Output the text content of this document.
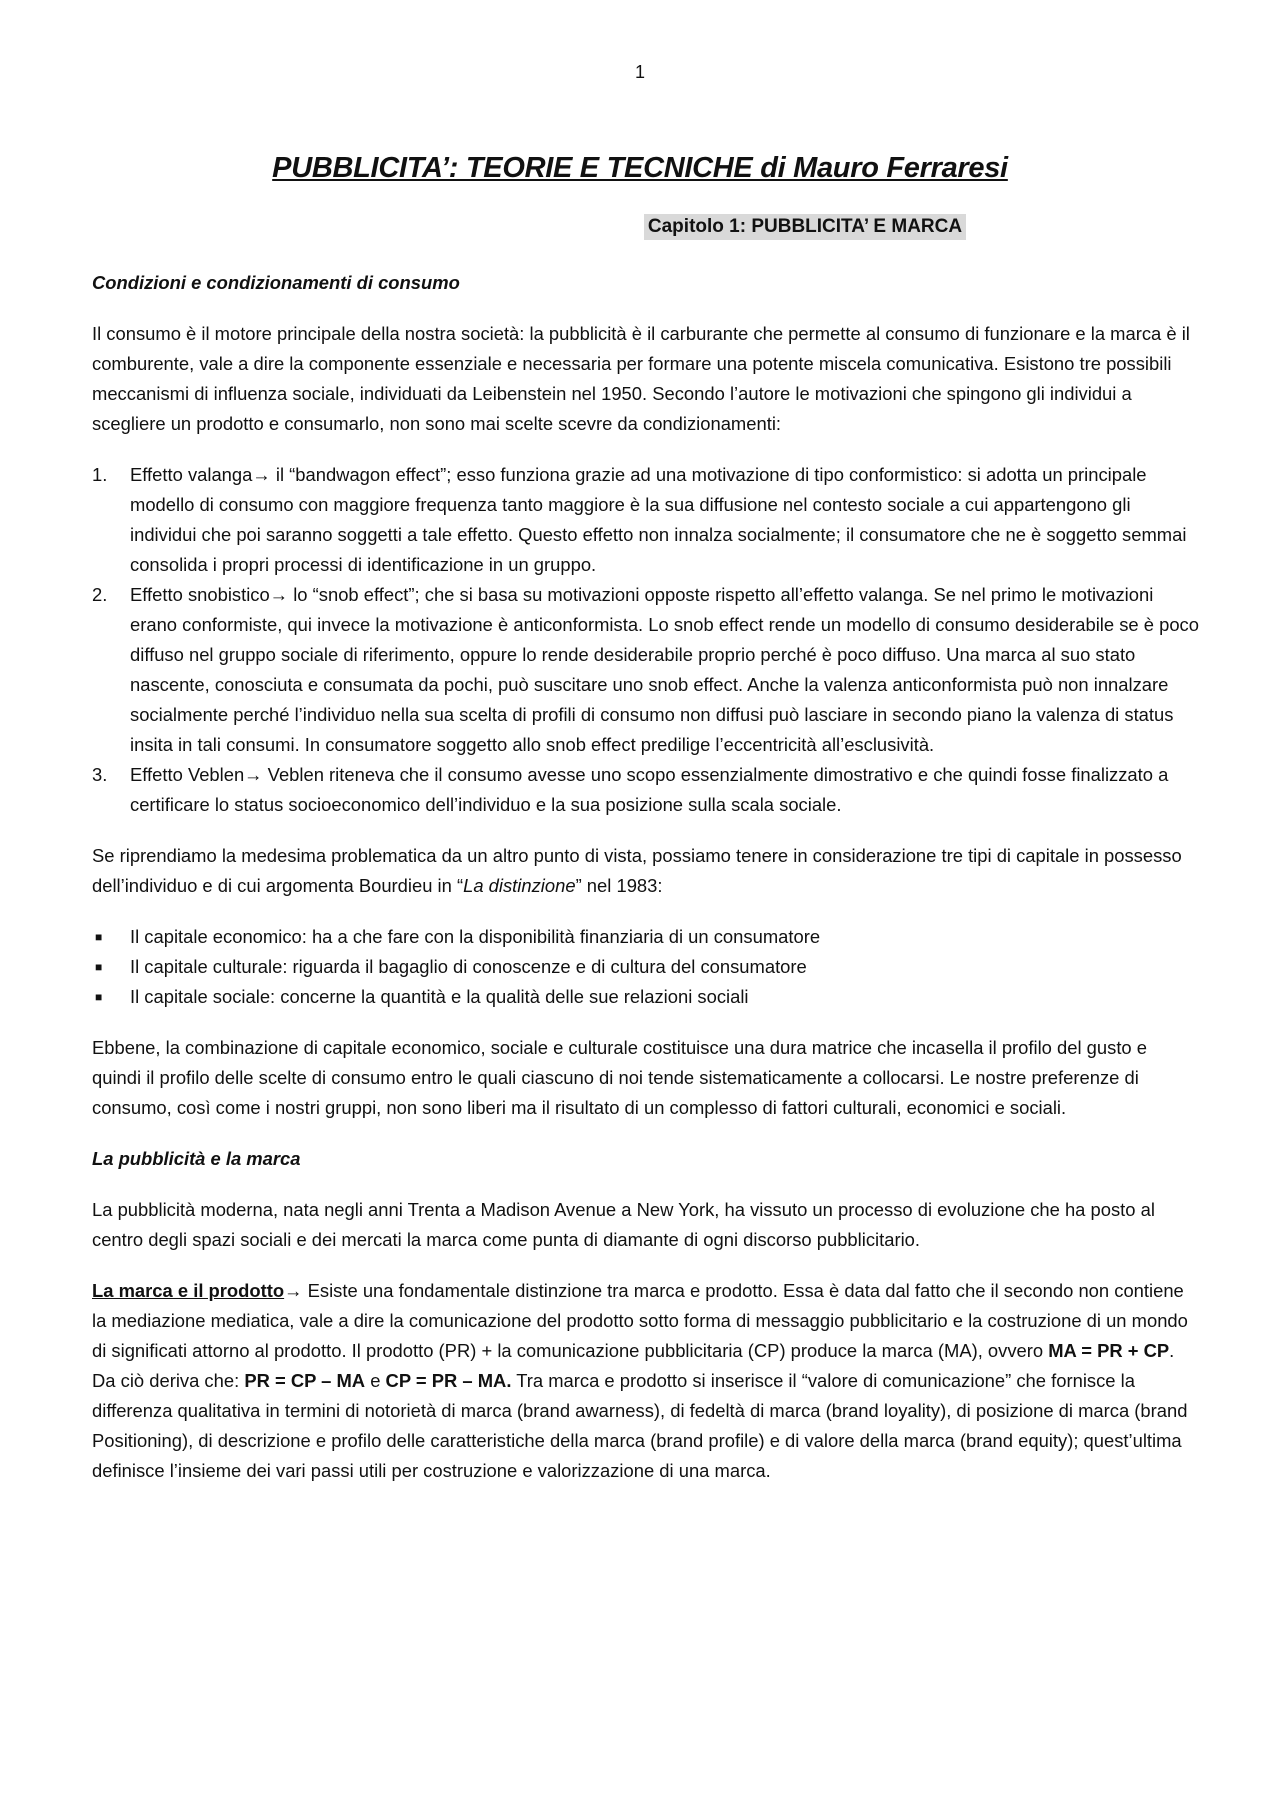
1
PUBBLICITA’: TEORIE E TECNICHE di Mauro Ferraresi
Capitolo 1: PUBBLICITA’ E MARCA

Condizioni e condizionamenti di consumo

Il consumo è il motore principale della nostra società: la pubblicità è il carburante che permette al consumo di funzionare e la marca è il comburente, vale a dire la componente essenziale e necessaria per formare una potente miscela comunicativa. Esistono tre possibili meccanismi di influenza sociale, individuati da Leibenstein nel 1950. Secondo l’autore le motivazioni che spingono gli individui a scegliere un prodotto e consumarlo, non sono mai scelte scevre da condizionamenti:

1. Effetto valanga→ il “bandwagon effect”; esso funziona grazie ad una motivazione di tipo conformistico: si adotta un principale modello di consumo con maggiore frequenza tanto maggiore è la sua diffusione nel contesto sociale a cui appartengono gli individui che poi saranno soggetti a tale effetto. Questo effetto non innalza socialmente; il consumatore che ne è soggetto semmai consolida i propri processi di identificazione in un gruppo.
2. Effetto snobistico→ lo “snob effect”; che si basa su motivazioni opposte rispetto all’effetto valanga. Se nel primo le motivazioni erano conformiste, qui invece la motivazione è anticonformista. Lo snob effect rende un modello di consumo desiderabile se è poco diffuso nel gruppo sociale di riferimento, oppure lo rende desiderabile proprio perché è poco diffuso. Una marca al suo stato nascente, conosciuta e consumata da pochi, può suscitare uno snob effect. Anche la valenza anticonformista può non innalzare socialmente perché l’individuo nella sua scelta di profili di consumo non diffusi può lasciare in secondo piano la valenza di status insita in tali consumi. In consumatore soggetto allo snob effect predilige l’eccentricità all’esclusività.
3. Effetto Veblen→ Veblen riteneva che il consumo avesse uno scopo essenzialmente dimostrativo e che quindi fosse finalizzato a certificare lo status socioeconomico dell’individuo e la sua posizione sulla scala sociale.

Se riprendiamo la medesima problematica da un altro punto di vista, possiamo tenere in considerazione tre tipi di capitale in possesso dell’individuo e di cui argomenta Bourdieu in “La distinzione” nel 1983:

■ Il capitale economico: ha a che fare con la disponibilità finanziaria di un consumatore
■ Il capitale culturale: riguarda il bagaglio di conoscenze e di cultura del consumatore
■ Il capitale sociale: concerne la quantità e la qualità delle sue relazioni sociali

Ebbene, la combinazione di capitale economico, sociale e culturale costituisce una dura matrice che incasella il profilo del gusto e quindi il profilo delle scelte di consumo entro le quali ciascuno di noi tende sistematicamente a collocarsi. Le nostre preferenze di consumo, così come i nostri gruppi, non sono liberi ma il risultato di un complesso di fattori culturali, economici e sociali.

La pubblicità e la marca

La pubblicità moderna, nata negli anni Trenta a Madison Avenue a New York, ha vissuto un processo di evoluzione che ha posto al centro degli spazi sociali e dei mercati la marca come punta di diamante di ogni discorso pubblicitario.

La marca e il prodotto→ Esiste una fondamentale distinzione tra marca e prodotto. Essa è data dal fatto che il secondo non contiene la mediazione mediatica, vale a dire la comunicazione del prodotto sotto forma di messaggio pubblicitario e la costruzione di un mondo di significati attorno al prodotto. Il prodotto (PR) + la comunicazione pubblicitaria (CP) produce la marca (MA), ovvero MA = PR + CP. Da ciò deriva che: PR = CP – MA e CP = PR – MA. Tra marca e prodotto si inserisce il “valore di comunicazione” che fornisce la differenza qualitativa in termini di notorietà di marca (brand awarness), di fedeltà di marca (brand loyality), di posizione di marca (brand Positioning), di descrizione e profilo delle caratteristiche della marca (brand profile) e di valore della marca (brand equity); quest’ultima definisce l’insieme dei vari passi utili per costruzione e valorizzazione di una marca.
